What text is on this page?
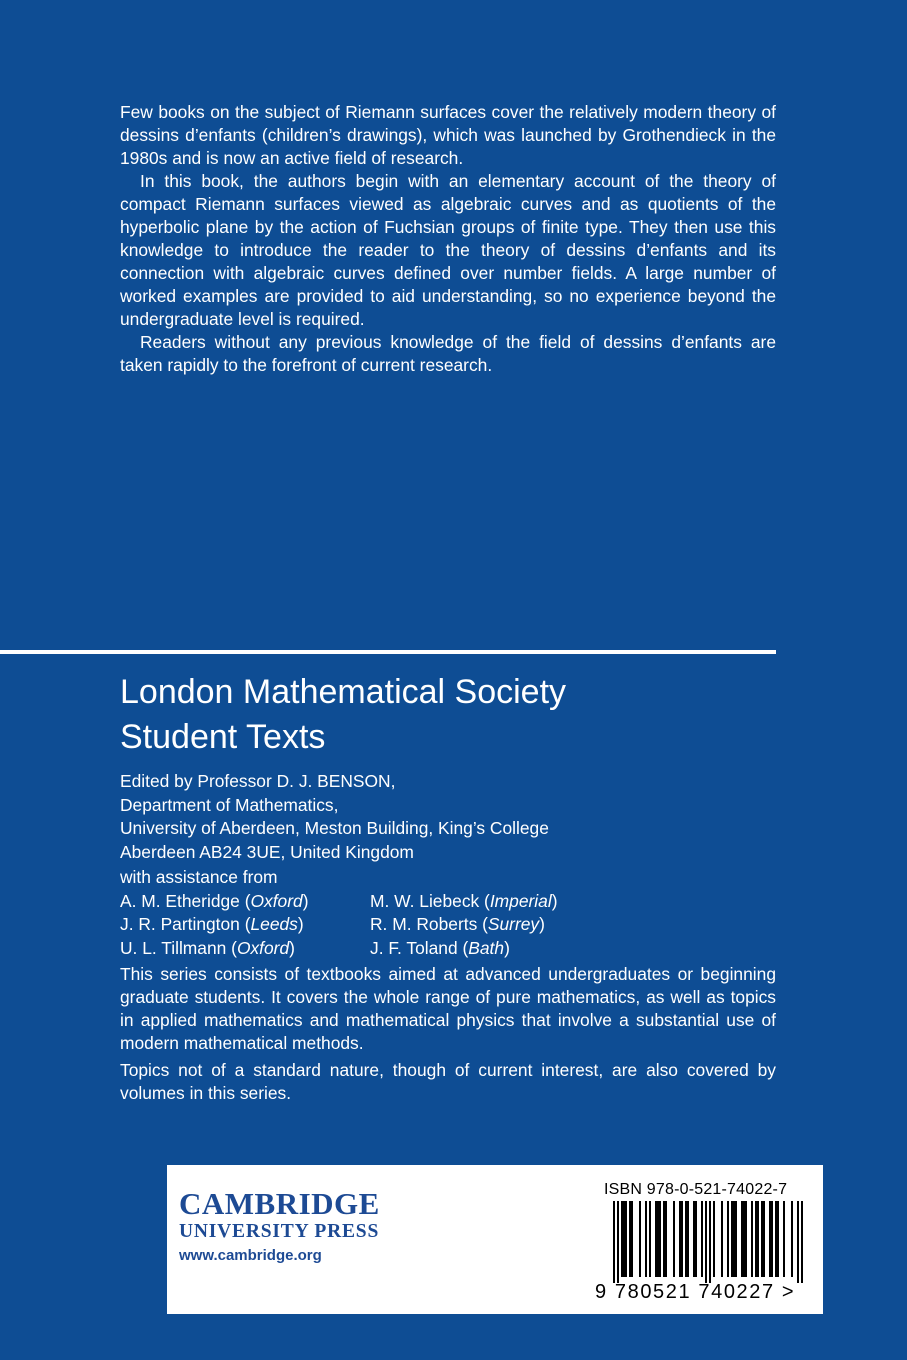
Few books on the subject of Riemann surfaces cover the relatively modern theory of dessins d’enfants (children’s drawings), which was launched by Grothendieck in the 1980s and is now an active field of research.

In this book, the authors begin with an elementary account of the theory of compact Riemann surfaces viewed as algebraic curves and as quotients of the hyperbolic plane by the action of Fuchsian groups of finite type. They then use this knowledge to introduce the reader to the theory of dessins d’enfants and its connection with algebraic curves defined over number fields. A large number of worked examples are provided to aid understanding, so no experience beyond the undergraduate level is required.

Readers without any previous knowledge of the field of dessins d’enfants are taken rapidly to the forefront of current research.

London Mathematical Society
Student Texts
Edited by Professor D. J. BENSON,
Department of Mathematics,
University of Aberdeen, Meston Building, King’s College
Aberdeen AB24 3UE, United Kingdom
with assistance from
A. M. Etheridge (Oxford)	M. W. Liebeck (Imperial)
J. R. Partington (Leeds)	R. M. Roberts (Surrey)
U. L. Tillmann (Oxford)	J. F. Toland (Bath)

This series consists of textbooks aimed at advanced undergraduates or beginning graduate students. It covers the whole range of pure mathematics, as well as topics in applied mathematics and mathematical physics that involve a substantial use of modern mathematical methods.

Topics not of a standard nature, though of current interest, are also covered by volumes in this series.

CAMBRIDGE
UNIVERSITY PRESS
www.cambridge.org
ISBN 978-0-521-74022-7
9 780521 740227 >
